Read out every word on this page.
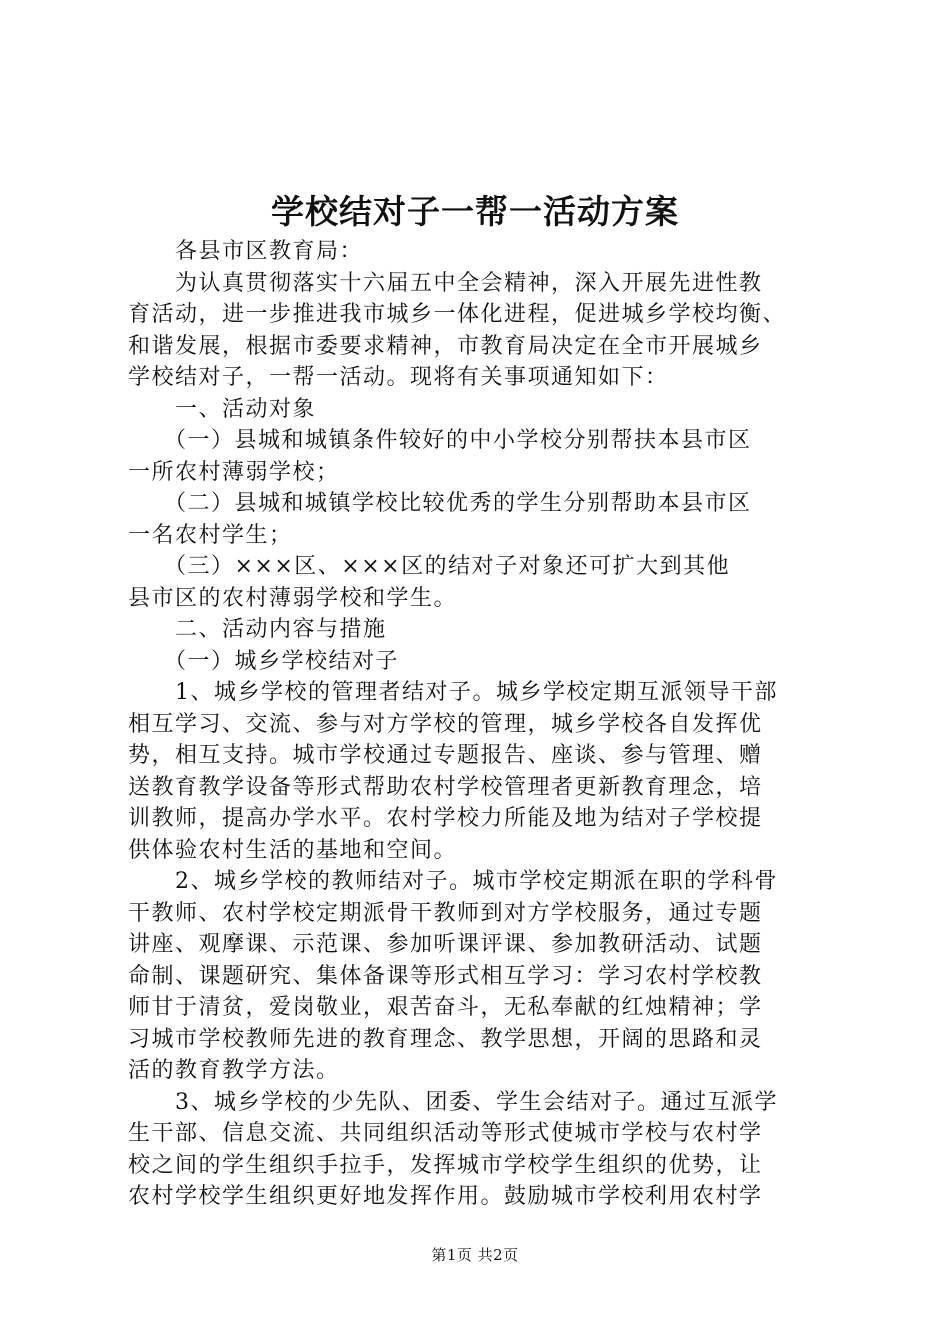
学校结对子一帮一活动方案
　　各县市区教育局：
　　为认真贯彻落实十六届五中全会精神，深入开展先进性教
育活动，进一步推进我市城乡一体化进程，促进城乡学校均衡、
和谐发展，根据市委要求精神，市教育局决定在全市开展城乡
学校结对子，一帮一活动。现将有关事项通知如下：
　　一、活动对象
　　（一）县城和城镇条件较好的中小学校分别帮扶本县市区
一所农村薄弱学校；
　　（二）县城和城镇学校比较优秀的学生分别帮助本县市区
一名农村学生；
　　（三）×××区、×××区的结对子对象还可扩大到其他
县市区的农村薄弱学校和学生。
　　二、活动内容与措施
　　（一）城乡学校结对子
　　1、城乡学校的管理者结对子。城乡学校定期互派领导干部
相互学习、交流、参与对方学校的管理，城乡学校各自发挥优
势，相互支持。城市学校通过专题报告、座谈、参与管理、赠
送教育教学设备等形式帮助农村学校管理者更新教育理念，培
训教师，提高办学水平。农村学校力所能及地为结对子学校提
供体验农村生活的基地和空间。
　　2、城乡学校的教师结对子。城市学校定期派在职的学科骨
干教师、农村学校定期派骨干教师到对方学校服务，通过专题
讲座、观摩课、示范课、参加听课评课、参加教研活动、试题
命制、课题研究、集体备课等形式相互学习：学习农村学校教
师甘于清贫，爱岗敬业，艰苦奋斗，无私奉献的红烛精神；学
习城市学校教师先进的教育理念、教学思想，开阔的思路和灵
活的教育教学方法。
　　3、城乡学校的少先队、团委、学生会结对子。通过互派学
生干部、信息交流、共同组织活动等形式使城市学校与农村学
校之间的学生组织手拉手，发挥城市学校学生组织的优势，让
农村学校学生组织更好地发挥作用。鼓励城市学校利用农村学
第1页 共2页
